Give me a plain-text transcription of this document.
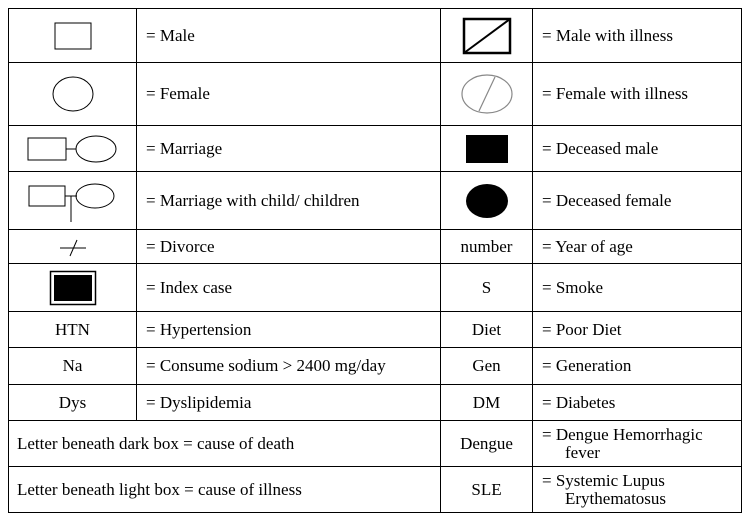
	= Male		= Male with illness

	= Female		= Female with illness

	= Marriage		= Deceased male

	= Marriage with child/ children		= Deceased female

	= Divorce	number	= Year of age

	= Index case	S	= Smoke
HTN	= Hypertension	Diet	= Poor Diet
Na	= Consume sodium > 2400 mg/day	Gen	= Generation
Dys	= Dyslipidemia	DM	= Diabetes
Letter beneath dark box = cause of death		Dengue	= Dengue Hemorrhagic
fever

Letter beneath light box = cause of illness		SLE	= Systemic Lupus
Erythematosus
